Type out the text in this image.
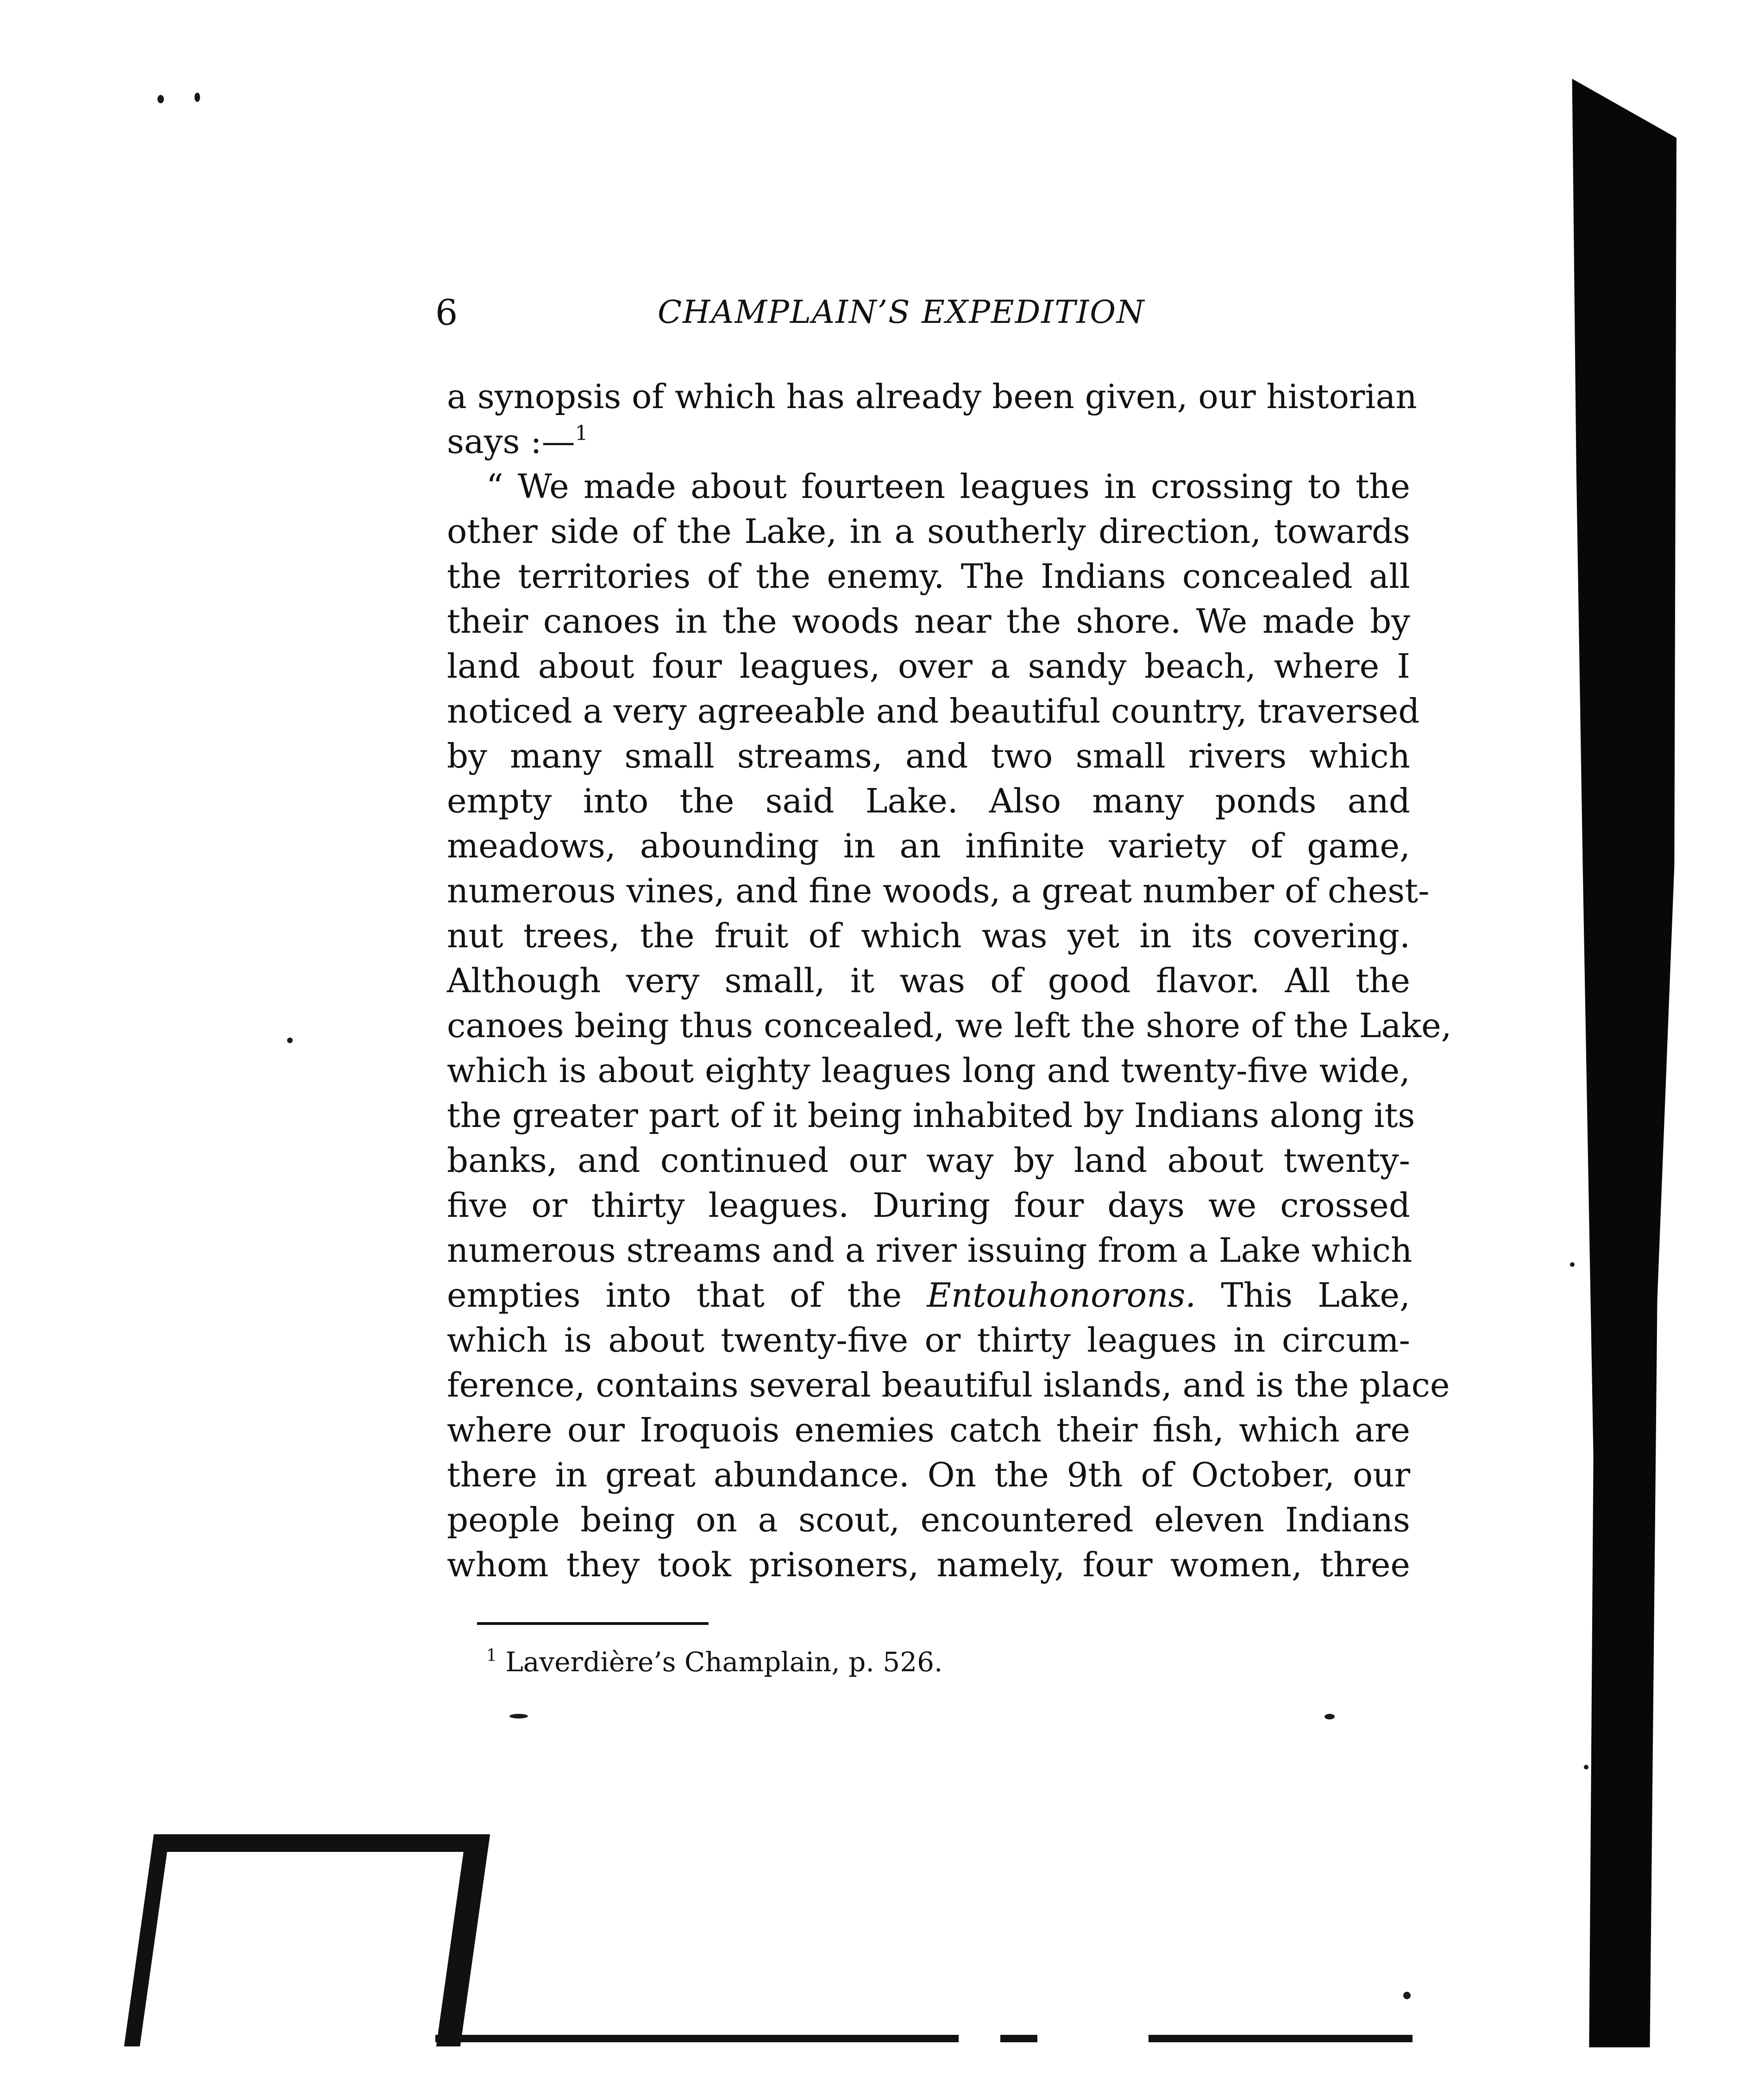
6	CHAMPLAIN’S EXPEDITION
a synopsis of which has already been given, our historian
says :—$^1$
“ We made about fourteen leagues in crossing to the
other side of the Lake, in a southerly direction, towards
the territories of the enemy. The Indians concealed all
their canoes in the woods near the shore. We made by
land about four leagues, over a sandy beach, where I
noticed a very agreeable and beautiful country, traversed
by many small streams, and two small rivers which
empty into the said Lake. Also many ponds and
meadows, abounding in an infinite variety of game,
numerous vines, and fine woods, a great number of chest-
nut trees, the fruit of which was yet in its covering.
Although very small, it was of good flavor. All the
canoes being thus concealed, we left the shore of the Lake,
which is about eighty leagues long and twenty-five wide,
the greater part of it being inhabited by Indians along its
banks, and continued our way by land about twenty-
five or thirty leagues. During four days we crossed
numerous streams and a river issuing from a Lake which
empties into that of the Entouhonorons. This Lake,
which is about twenty-five or thirty leagues in circum-
ference, contains several beautiful islands, and is the place
where our Iroquois enemies catch their fish, which are
there in great abundance. On the 9th of October, our
people being on a scout, encountered eleven Indians
whom they took prisoners, namely, four women, three
$^1$ Laverdière’s Champlain, p. 526.
